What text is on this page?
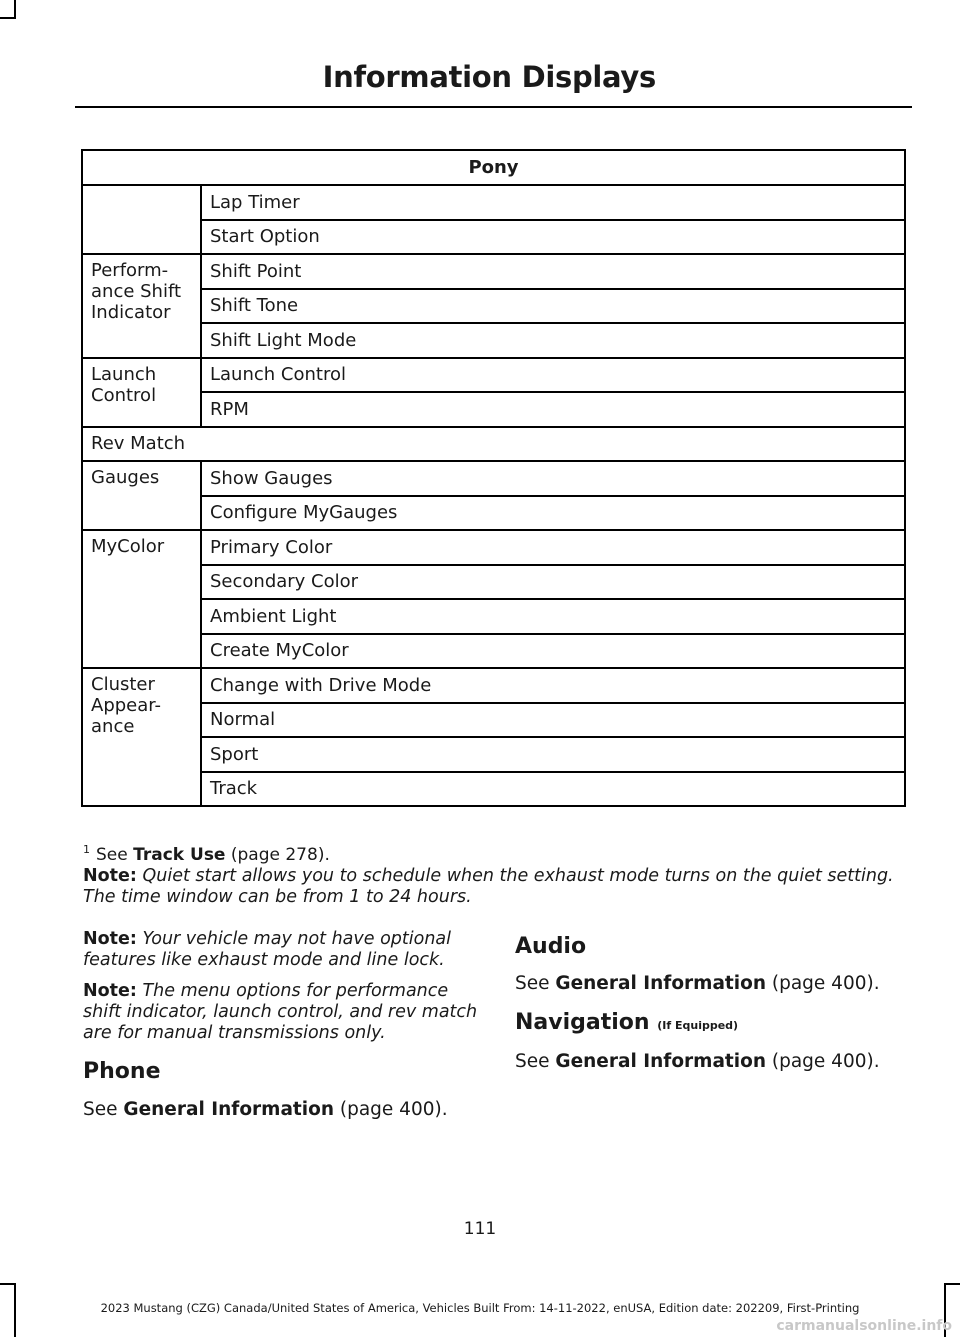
Information Displays
Pony	
	Lap Timer
	Start Option
Perform-
ance Shift
Indicator	Shift Point
	Shift Tone
	Shift Light Mode
Launch
Control	Launch Control
	RPM
Rev Match	
Gauges	Show Gauges
	Configure MyGauges
MyColor	Primary Color
	Secondary Color
	Ambient Light
	Create MyColor
Cluster
Appear-
ance	Change with Drive Mode
	Normal
	Sport
	Track
$^1$ See Track Use (page 278).
Note: Quiet start allows you to schedule when the exhaust mode turns on the quiet setting. The time window can be from 1 to 24 hours.
Note: Your vehicle may not have optional features like exhaust mode and line lock.
Note: The menu options for performance shift indicator, launch control, and rev match are for manual transmissions only.
Phone
See General Information (page 400).
Audio
See General Information (page 400).
Navigation (If Equipped)
See General Information (page 400).
111
2023 Mustang (CZG) Canada/United States of America, Vehicles Built From: 14-11-2022, enUSA, Edition date: 202209, First-Printing
carmanualsonline.info
